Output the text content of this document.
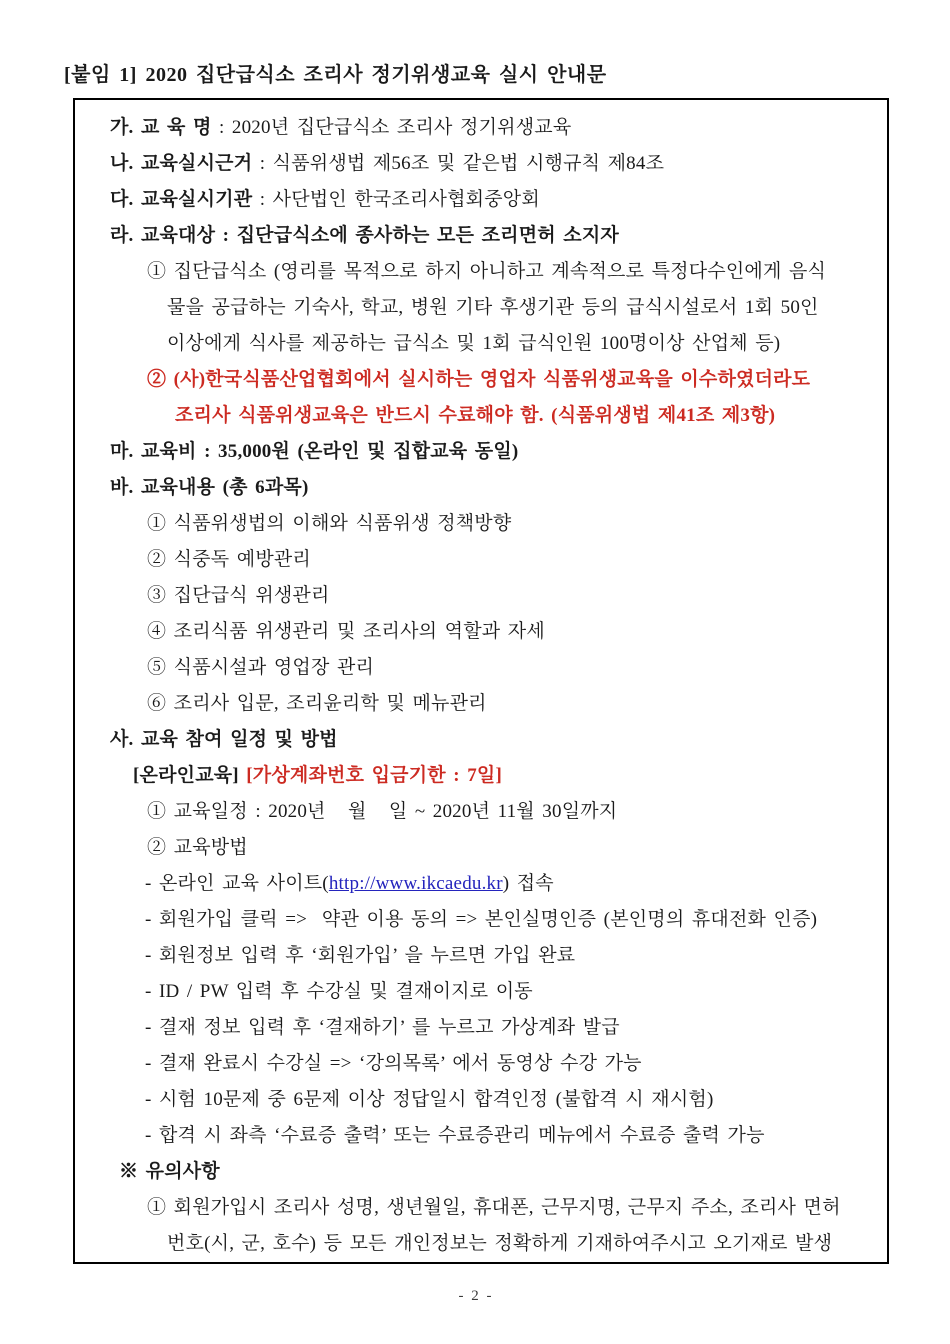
[붙임 1] 2020 집단급식소 조리사 정기위생교육 실시 안내문
가. 교 육 명 : 2020년 집단급식소 조리사 정기위생교육
나. 교육실시근거 : 식품위생법 제56조 및 같은법 시행규칙 제84조
다. 교육실시기관 : 사단법인 한국조리사협회중앙회
라. 교육대상 : 집단급식소에 종사하는 모든 조리면허 소지자
① 집단급식소 (영리를 목적으로 하지 아니하고 계속적으로 특정다수인에게 음식
물을 공급하는 기숙사, 학교, 병원 기타 후생기관 등의 급식시설로서 1회 50인
이상에게 식사를 제공하는 급식소 및 1회 급식인원 100명이상 산업체 등)
② (사)한국식품산업협회에서 실시하는 영업자 식품위생교육을 이수하였더라도
조리사 식품위생교육은 반드시 수료해야 함. (식품위생법 제41조 제3항)
마. 교육비 : 35,000원 (온라인 및 집합교육 동일)
바. 교육내용 (총 6과목)
① 식품위생법의 이해와 식품위생 정책방향
② 식중독 예방관리
③ 집단급식 위생관리
④ 조리식품 위생관리 및 조리사의 역할과 자세
⑤ 식품시설과 영업장 관리
⑥ 조리사 입문, 조리윤리학 및 메뉴관리
사. 교육 참여 일정 및 방법
[온라인교육] [가상계좌번호 입금기한 : 7일]
① 교육일정 : 2020년   월   일 ~ 2020년 11월 30일까지
② 교육방법
- 온라인 교육 사이트(http://www.ikcaedu.kr) 접속
- 회원가입 클릭 =>  약관 이용 동의 => 본인실명인증 (본인명의 휴대전화 인증)
- 회원정보 입력 후 ‘회원가입’ 을 누르면 가입 완료
- ID / PW 입력 후 수강실 및 결재이지로 이동
- 결재 정보 입력 후 ‘결재하기’ 를 누르고 가상계좌 발급
- 결재 완료시 수강실 => ‘강의목록’ 에서 동영상 수강 가능
- 시험 10문제 중 6문제 이상 정답일시 합격인정 (불합격 시 재시험)
- 합격 시 좌측 ‘수료증 출력’ 또는 수료증관리 메뉴에서 수료증 출력 가능
※ 유의사항
① 회원가입시 조리사 성명, 생년월일, 휴대폰, 근무지명, 근무지 주소, 조리사 면허
번호(시, 군, 호수) 등 모든 개인정보는 정확하게 기재하여주시고 오기재로 발생
- 2 -
